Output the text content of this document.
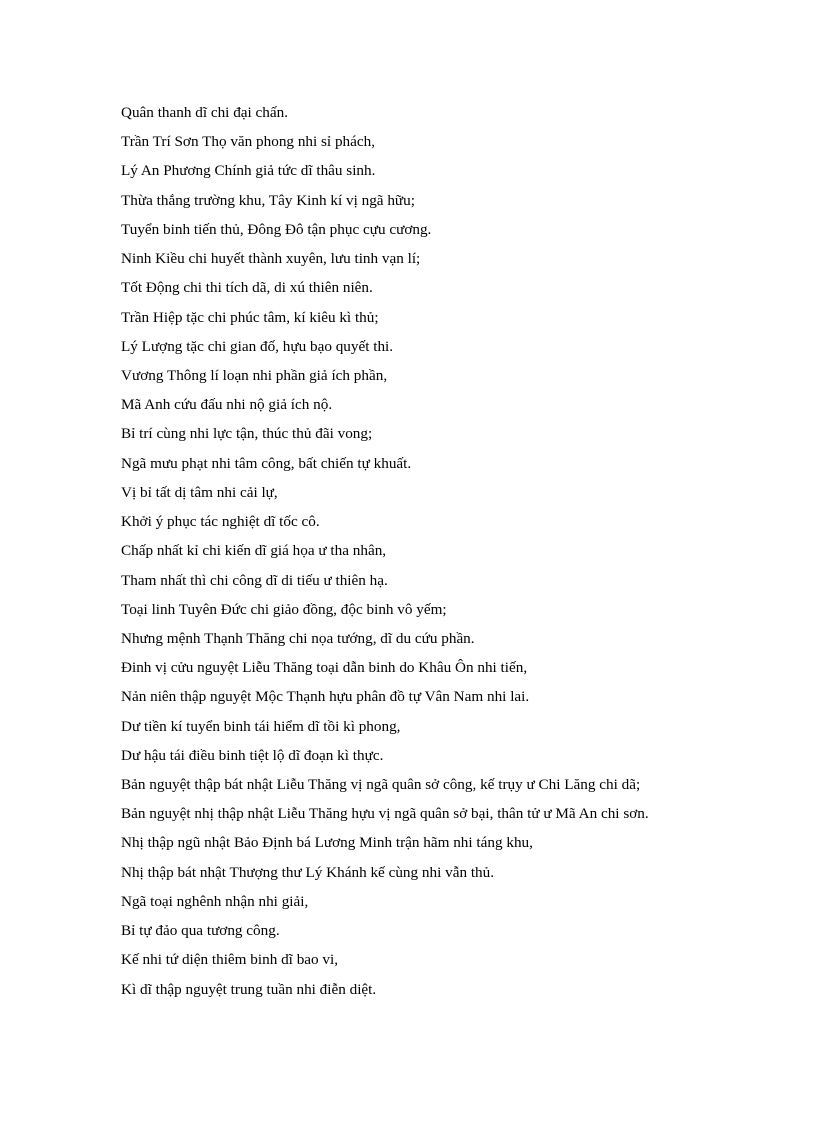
Quân thanh dĩ chi đại chấn.
Trần Trí Sơn Thọ văn phong nhi sỉ phách,
Lý An Phương Chính giả tức dĩ thâu sinh.
Thừa thắng trường khu, Tây Kinh kí vị ngã hữu;
Tuyển binh tiến thủ, Đông Đô tận phục cựu cương.
Ninh Kiều chi huyết thành xuyên, lưu tinh vạn lí;
Tốt Động chi thi tích dã, di xú thiên niên.
Trần Hiệp tặc chi phúc tâm, kí kiêu kì thủ;
Lý Lượng tặc chi gian đố, hựu bạo quyết thi.
Vương Thông lí loạn nhi phần giả ích phần,
Mã Anh cứu đấu nhi nộ giả ích nộ.
Bỉ trí cùng nhi lực tận, thúc thủ đãi vong;
Ngã mưu phạt nhi tâm công, bất chiến tự khuất.
Vị bỉ tất dị tâm nhi cải lự,
Khởi ý phục tác nghiệt dĩ tốc cô.
Chấp nhất kỉ chi kiến dĩ giá họa ư tha nhân,
Tham nhất thì chi công dĩ di tiếu ư thiên hạ.
Toại linh Tuyên Đức chi giảo đồng, độc binh vô yếm;
Nhưng mệnh Thạnh Thăng chi nọa tướng, dĩ du cứu phần.
Đinh vị cửu nguyệt Liễu Thăng toại dẫn binh do Khâu Ôn nhi tiến,
Nản niên thập nguyệt Mộc Thạnh hựu phân đồ tự Vân Nam nhi lai.
Dư tiền kí tuyển binh tái hiểm dĩ tồi kì phong,
Dư hậu tái điều binh tiệt lộ dĩ đoạn kì thực.
Bản nguyệt thập bát nhật Liễu Thăng vị ngã quân sở công, kế trụy ư Chi Lăng chi dã;
Bản nguyệt nhị thập nhật Liễu Thăng hựu vị ngã quân sở bại, thân tử ư Mã An chi sơn.
Nhị thập ngũ nhật Bảo Định bá Lương Minh trận hãm nhi táng khu,
Nhị thập bát nhật Thượng thư Lý Khánh kế cùng nhi vẫn thủ.
Ngã toại nghênh nhận nhi giải,
Bỉ tự đảo qua tương công.
Kế nhi tứ diện thiêm binh dĩ bao vi,
Kì dĩ thập nguyệt trung tuần nhi điễn diệt.
